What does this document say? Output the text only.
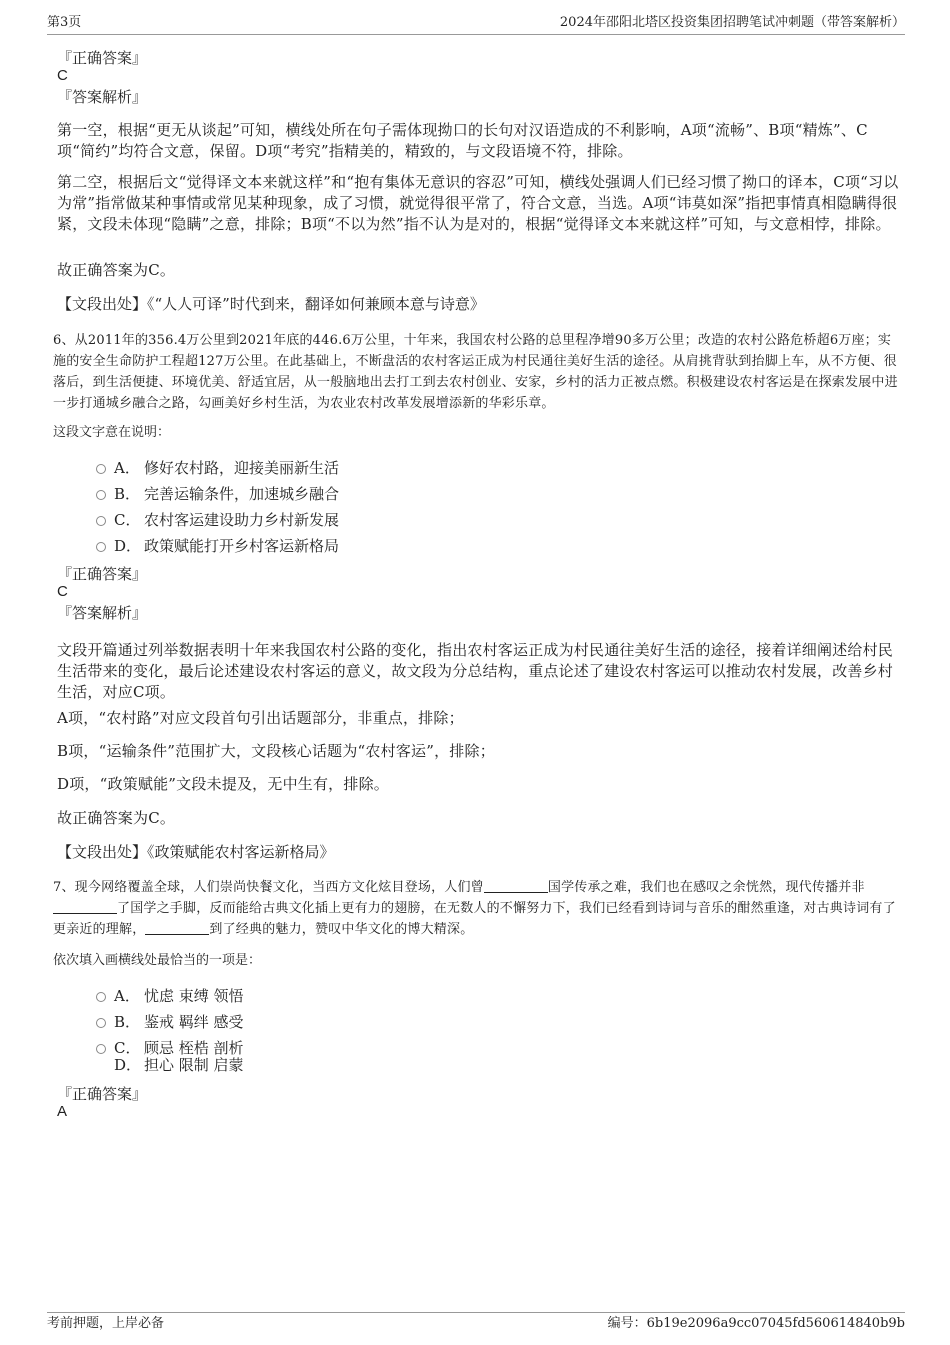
第3页	2024年邵阳北塔区投资集团招聘笔试冲刺题（带答案解析）
『正确答案』
C
『答案解析』
第一空，根据“更无从谈起”可知，横线处所在句子需体现拗口的长句对汉语造成的不利影响，A项“流畅”、B项“精炼”、C项“简约”均符合文意，保留。D项“考究”指精美的，精致的，与文段语境不符，排除。
第二空，根据后文“觉得译文本来就这样”和“抱有集体无意识的容忍”可知，横线处强调人们已经习惯了拗口的译本，C项“习以为常”指常做某种事情或常见某种现象，成了习惯，就觉得很平常了，符合文意，当选。A项“讳莫如深”指把事情真相隐瞒得很紧，文段未体现“隐瞒”之意，排除；B项“不以为然”指不认为是对的，根据“觉得译文本来就这样”可知，与文意相悖，排除。
故正确答案为C。
【文段出处】《“人人可译”时代到来，翻译如何兼顾本意与诗意》
6、从2011年的356.4万公里到2021年底的446.6万公里，十年来，我国农村公路的总里程净增90多万公里；改造的农村公路危桥超6万座；实施的安全生命防护工程超127万公里。在此基础上，不断盘活的农村客运正成为村民通往美好生活的途径。从肩挑背驮到抬脚上车，从不方便、很落后，到生活便捷、环境优美、舒适宜居，从一般脑地出去打工到去农村创业、安家，乡村的活力正被点燃。积极建设农村客运是在探索发展中进一步打通城乡融合之路，勾画美好乡村生活，为农业农村改革发展增添新的华彩乐章。
这段文字意在说明：
A． 修好农村路，迎接美丽新生活
B． 完善运输条件，加速城乡融合
C． 农村客运建设助力乡村新发展
D． 政策赋能打开乡村客运新格局
『正确答案』
C
『答案解析』
文段开篇通过列举数据表明十年来我国农村公路的变化，指出农村客运正成为村民通往美好生活的途径，接着详细阐述给村民生活带来的变化，最后论述建设农村客运的意义，故文段为分总结构，重点论述了建设农村客运可以推动农村发展，改善乡村生活，对应C项。
A项，“农村路”对应文段首句引出话题部分，非重点，排除；
B项，“运输条件”范围扩大，文段核心话题为“农村客运”，排除；
D项，“政策赋能”文段未提及，无中生有，排除。
故正确答案为C。
【文段出处】《政策赋能农村客运新格局》
7、现今网络覆盖全球，人们崇尚快餐文化，当西方文化炫目登场，人们曾	国学传承之难，我们也在感叹之余恍然，现代传播并非了国学之手脚，反而能给古典文化插上更有力的翅膀，在无数人的不懈努力下，我们已经看到诗词与音乐的酣然重逢，对古典诗词有了更亲近的理解，	到了经典的魅力，赞叹中华文化的博大精深。
依次填入画横线处最恰当的一项是：
A． 忧虑 束缚 领悟
B． 鉴戒 羁绊 感受
C． 顾忌 桎梏 剖析
D． 担心 限制 启蒙
『正确答案』
A
考前押题，上岸必备	编号：6b19e2096a9cc07045fd560614840b9b
